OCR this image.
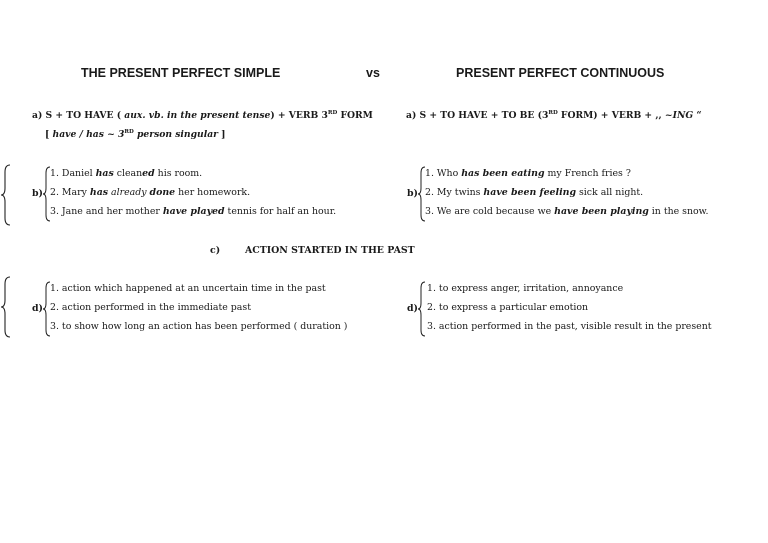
THE PRESENT PERFECT SIMPLE	vs	PRESENT PERFECT CONTINUOUS
a) S + TO HAVE ( aux. vb. in the present tense) + VERB 3RD FORM
[ have / has ~ 3RD person singular ]
a) S + TO HAVE + TO BE (3RD FORM) + VERB + ,, ~ING “
b)
1. Daniel has cleaned his room.
2. Mary has already done her homework.
3. Jane and her mother have played tennis for half an hour.
b)
1. Who has been eating my French fries ?
2. My twins have been feeling sick all night.
3. We are cold because we have been playing in the snow.
c)	ACTION STARTED IN THE PAST
d)
1. action which happened at an uncertain time in the past
2. action performed in the immediate past
3. to show how long an action has been performed ( duration )
d)
1. to express anger, irritation, annoyance
2. to express a particular emotion
3. action performed in the past, visible result in the present
